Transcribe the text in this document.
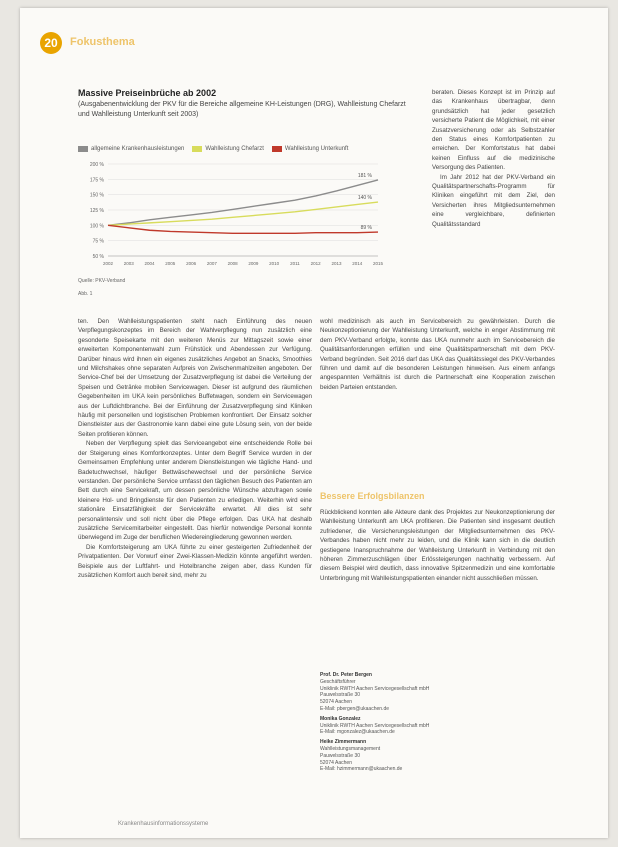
20	Fokusthema
Massive Preiseinbrüche ab 2002
(Ausgabenentwicklung der PKV für die Bereiche allgemeine KH-Leistungen (DRG), Wahlleistung Chefarzt und Wahlleistung Unterkunft seit 2003)
allgemeine Krankenhausleistungen	Wahlleistung Chefarzt	Wahlleistung Unterkunft
200 %
175 %
150 %
125 %
100 %
75 %
50 %
2002 2003 2004 2005 2006 2007 2008 2009 2010 2011 2012 2013 2014 2015
181 %
140 %
89 %
Quelle: PKV-Verband
Abb. 1

beraten. Dieses Konzept ist im Prinzip auf das Krankenhaus übertragbar, denn grundsätzlich hat jeder gesetzlich versicherte Patient die Möglichkeit, mit einer Zusatzversicherung oder als Selbstzahler den Status eines Komfortpatienten zu erreichen. Der Komfortstatus hat dabei keinen Einfluss auf die medizinische Versorgung des Patienten.

Im Jahr 2012 hat der PKV-Verband ein Qualitätspartnerschafts-Programm für Kliniken eingeführt mit dem Ziel, den Versicherten ihres Mitgliedsunternehmen eine vergleichbare, definierten Qualitätsstandard

ten. Den Wahlleistungspatienten steht nach Einführung des neuen Verpflegungskonzeptes im Bereich der Wahlverpflegung nun zusätzlich eine gesonderte Speisekarte mit den weiteren Menüs zur Mittagszeit sowie einer erweiterten Komponentenwahl zum Frühstück und Abendessen zur Verfügung. Darüber hinaus wird ihnen ein eigenes zusätzliches Angebot an Snacks, Smoothies und Milchshakes ohne separaten Aufpreis von Zwischenmahlzeiten angeboten. Der Service-Chef bei der Umsetzung der Zusatzverpflegung ist dabei die Verteilung der Speisen und Getränke mobilen Servicewagen. Dieser ist aufgrund des räumlichen Gegebenheiten im UKA kein persönliches Buffetwagen, sondern ein Servicewagen aus der Luftdichtbranche. Bei der Einführung der Zusatzverpflegung sind Kliniken häufig mit personellen und logistischen Problemen konfrontiert. Der Einsatz solcher Dienstleister aus der Gastronomie kann dabei eine gute Lösung sein, von der beide Seiten profitieren können.

Neben der Verpflegung spielt das Serviceangebot eine entscheidende Rolle bei der Steigerung eines Komfortkonzeptes. Unter dem Begriff Service wurden in der Gemeinsamen Empfehlung unter anderem Dienstleistungen wie tägliche Hand- und Badetuchwechsel, häufiger Bettwäschewechsel und der persönliche Service verstanden. Der persönliche Service umfasst den täglichen Besuch des Patienten am Bett durch eine Servicekraft, um dessen persönliche Wünsche abzufragen sowie kleinere Hol- und Bringdienste für den Patienten zu erledigen. Weiterhin wird eine stationäre Einsatzfähigkeit der Servicekräfte erwartet. All dies ist sehr personalintensiv und soll nicht über die Pflege erfolgen. Das UKA hat deshalb zusätzliche Servicemitarbeiter eingestellt. Das hierfür notwendige Personal konnte überwiegend im Zuge der beruflichen Wiedereingliederung gewonnen werden.

Die Komfortsteigerung am UKA führte zu einer gesteigerten Zufriedenheit der Privatpatienten. Der Vorwurf einer Zwei-Klassen-Medizin könnte angeführt werden. Beispiele aus der Luftfahrt- und Hotelbranche zeigen aber, dass Kunden für zusätzlichen Komfort auch bereit sind, mehr zu

wohl medizinisch als auch im Servicebereich zu gewährleisten. Durch die Neukonzeptionierung der Wahlleistung Unterkunft, welche in enger Abstimmung mit dem PKV-Verband erfolgte, konnte das UKA nunmehr auch im Servicebereich die Qualitätsanforderungen erfüllen und eine Qualitätspartnerschaft mit dem PKV-Verband begründen. Seit 2016 darf das UKA das Qualitätssiegel des PKV-Verbandes führen und damit auf die besonderen Leistungen hinweisen. Aus einem anfangs angespannten Verhältnis ist durch die Partnerschaft eine Kooperation zwischen beiden Parteien entstanden.

Bessere Erfolgsbilanzen

Rückblickend konnten alle Akteure dank des Projektes zur Neukonzeptionierung der Wahlleistung Unterkunft am UKA profitieren. Die Patienten sind insgesamt deutlich zufriedener, die Versicherungsleistungen der Mitgliedsunternehmen des PKV-Verbandes haben nicht mehr zu leiden, und die Klinik kann sich in die deutlich gestiegene Inanspruchnahme der Wahlleistung Unterkunft in Verbindung mit den höheren Zimmerzuschlägen über Erlössteigerungen nachhaltig verbessern. Auf diesem Beispiel wird deutlich, dass innovative Spitzenmedizin und eine komfortable Unterbringung mit Wahlleistungspatienten einander nicht ausschließen müssen.

Prof. Dr. Peter Bergen
Geschäftsführer
Uniklinik RWTH Aachen Servicegesellschaft mbH
Pauwelsstraße 30
52074 Aachen
E-Mail: pbergen@ukaachen.de
Monika Gonzalez
Uniklinik RWTH Aachen Servicegesellschaft mbH
E-Mail: mgonzalez@ukaachen.de
Heike Zimmermann
Wahlleistungsmanagement
Pauwelsstraße 30
52074 Aachen
E-Mail: hzimmermann@ukaachen.de
Krankenhausinformationssysteme
